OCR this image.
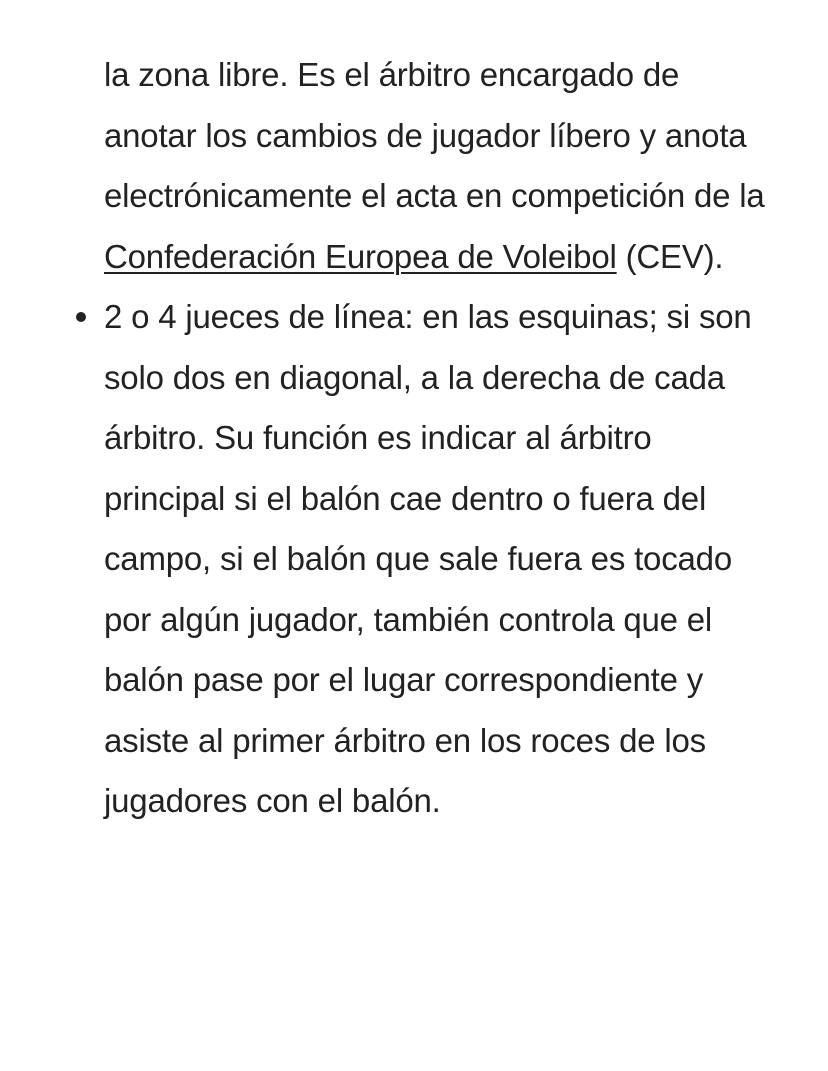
la zona libre. Es el árbitro encargado de anotar los cambios de jugador líbero y anota electrónicamente el acta en competición de la Confederación Europea de Voleibol (CEV).

2 o 4 jueces de línea: en las esquinas; si son solo dos en diagonal, a la derecha de cada árbitro. Su función es indicar al árbitro principal si el balón cae dentro o fuera del campo, si el balón que sale fuera es tocado por algún jugador, también controla que el balón pase por el lugar correspondiente y asiste al primer árbitro en los roces de los jugadores con el balón.
